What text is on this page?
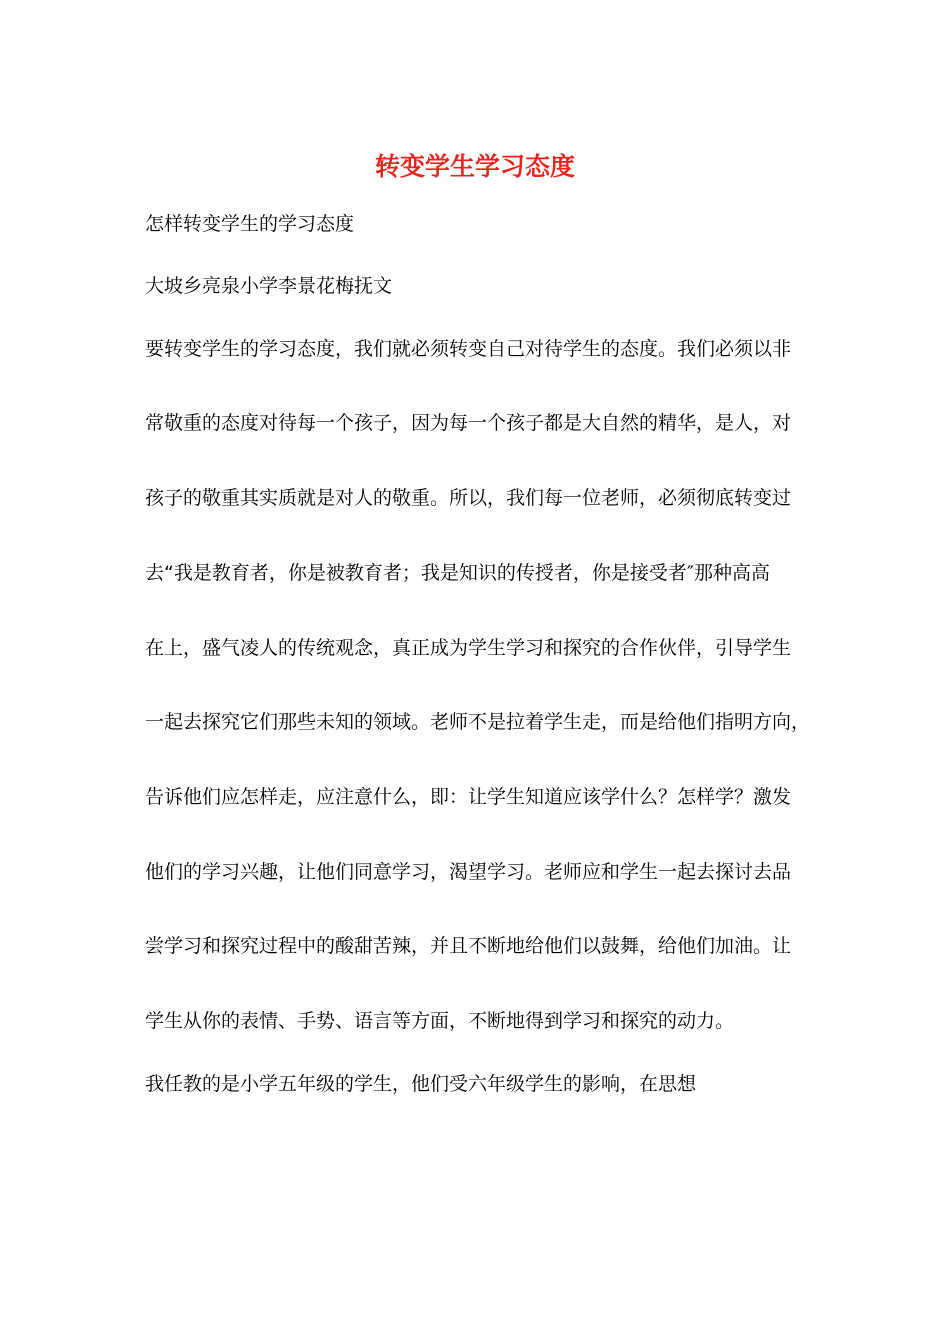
转变学生学习态度

怎样转变学生的学习态度

大坡乡亮泉小学李景花梅抚文

要转变学生的学习态度，我们就必须转变自己对待学生的态度。我们必须以非

常敬重的态度对待每一个孩子，因为每一个孩子都是大自然的精华，是人，对

孩子的敬重其实质就是对人的敬重。所以，我们每一位老师，必须彻底转变过

去“我是教育者，你是被教育者；我是知识的传授者，你是接受者″那种高高

在上，盛气凌人的传统观念，真正成为学生学习和探究的合作伙伴，引导学生

一起去探究它们那些未知的领域。老师不是拉着学生走，而是给他们指明方向，

告诉他们应怎样走，应注意什么，即：让学生知道应该学什么？怎样学？激发

他们的学习兴趣，让他们同意学习，渴望学习。老师应和学生一起去探讨去品

尝学习和探究过程中的酸甜苦辣，并且不断地给他们以鼓舞，给他们加油。让

学生从你的表情、手势、语言等方面，不断地得到学习和探究的动力。

我任教的是小学五年级的学生，他们受六年级学生的影响，在思想
